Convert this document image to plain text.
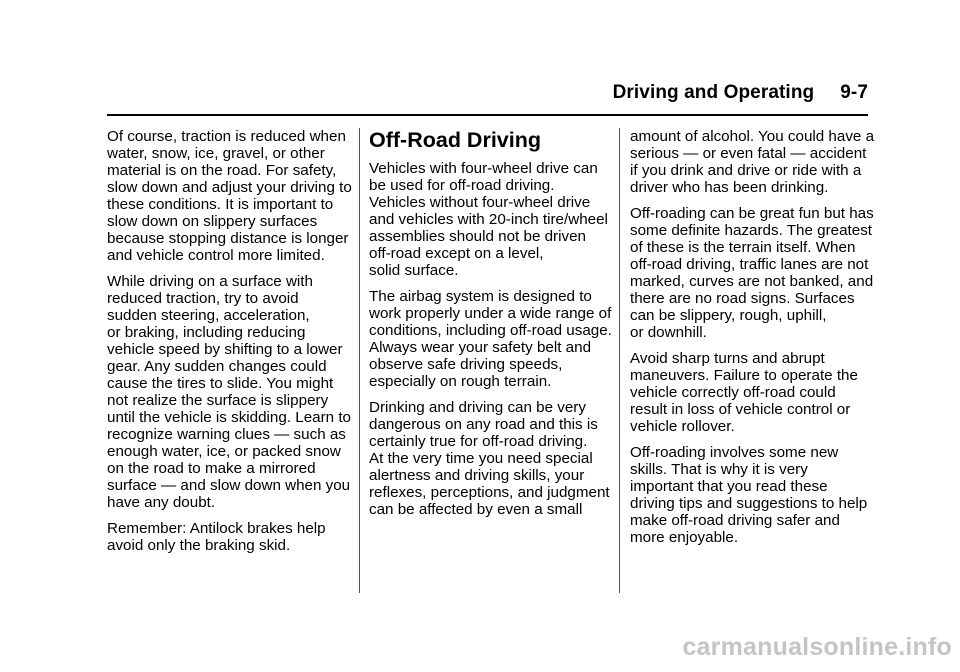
Driving and Operating 9-7

Of course, traction is reduced when
water, snow, ice, gravel, or other
material is on the road. For safety,
slow down and adjust your driving to
these conditions. It is important to
slow down on slippery surfaces
because stopping distance is longer
and vehicle control more limited.

While driving on a surface with
reduced traction, try to avoid
sudden steering, acceleration,
or braking, including reducing
vehicle speed by shifting to a lower
gear. Any sudden changes could
cause the tires to slide. You might
not realize the surface is slippery
until the vehicle is skidding. Learn to
recognize warning clues — such as
enough water, ice, or packed snow
on the road to make a mirrored
surface — and slow down when you
have any doubt.

Remember: Antilock brakes help
avoid only the braking skid.

Off-Road Driving

Vehicles with four-wheel drive can
be used for off-road driving.
Vehicles without four-wheel drive
and vehicles with 20-inch tire/wheel
assemblies should not be driven
off-road except on a level,
solid surface.

The airbag system is designed to
work properly under a wide range of
conditions, including off-road usage.
Always wear your safety belt and
observe safe driving speeds,
especially on rough terrain.

Drinking and driving can be very
dangerous on any road and this is
certainly true for off-road driving.
At the very time you need special
alertness and driving skills, your
reflexes, perceptions, and judgment
can be affected by even a small

amount of alcohol. You could have a
serious — or even fatal — accident
if you drink and drive or ride with a
driver who has been drinking.

Off-roading can be great fun but has
some definite hazards. The greatest
of these is the terrain itself. When
off-road driving, traffic lanes are not
marked, curves are not banked, and
there are no road signs. Surfaces
can be slippery, rough, uphill,
or downhill.

Avoid sharp turns and abrupt
maneuvers. Failure to operate the
vehicle correctly off-road could
result in loss of vehicle control or
vehicle rollover.

Off-roading involves some new
skills. That is why it is very
important that you read these
driving tips and suggestions to help
make off-road driving safer and
more enjoyable.

carmanualsonline.info
